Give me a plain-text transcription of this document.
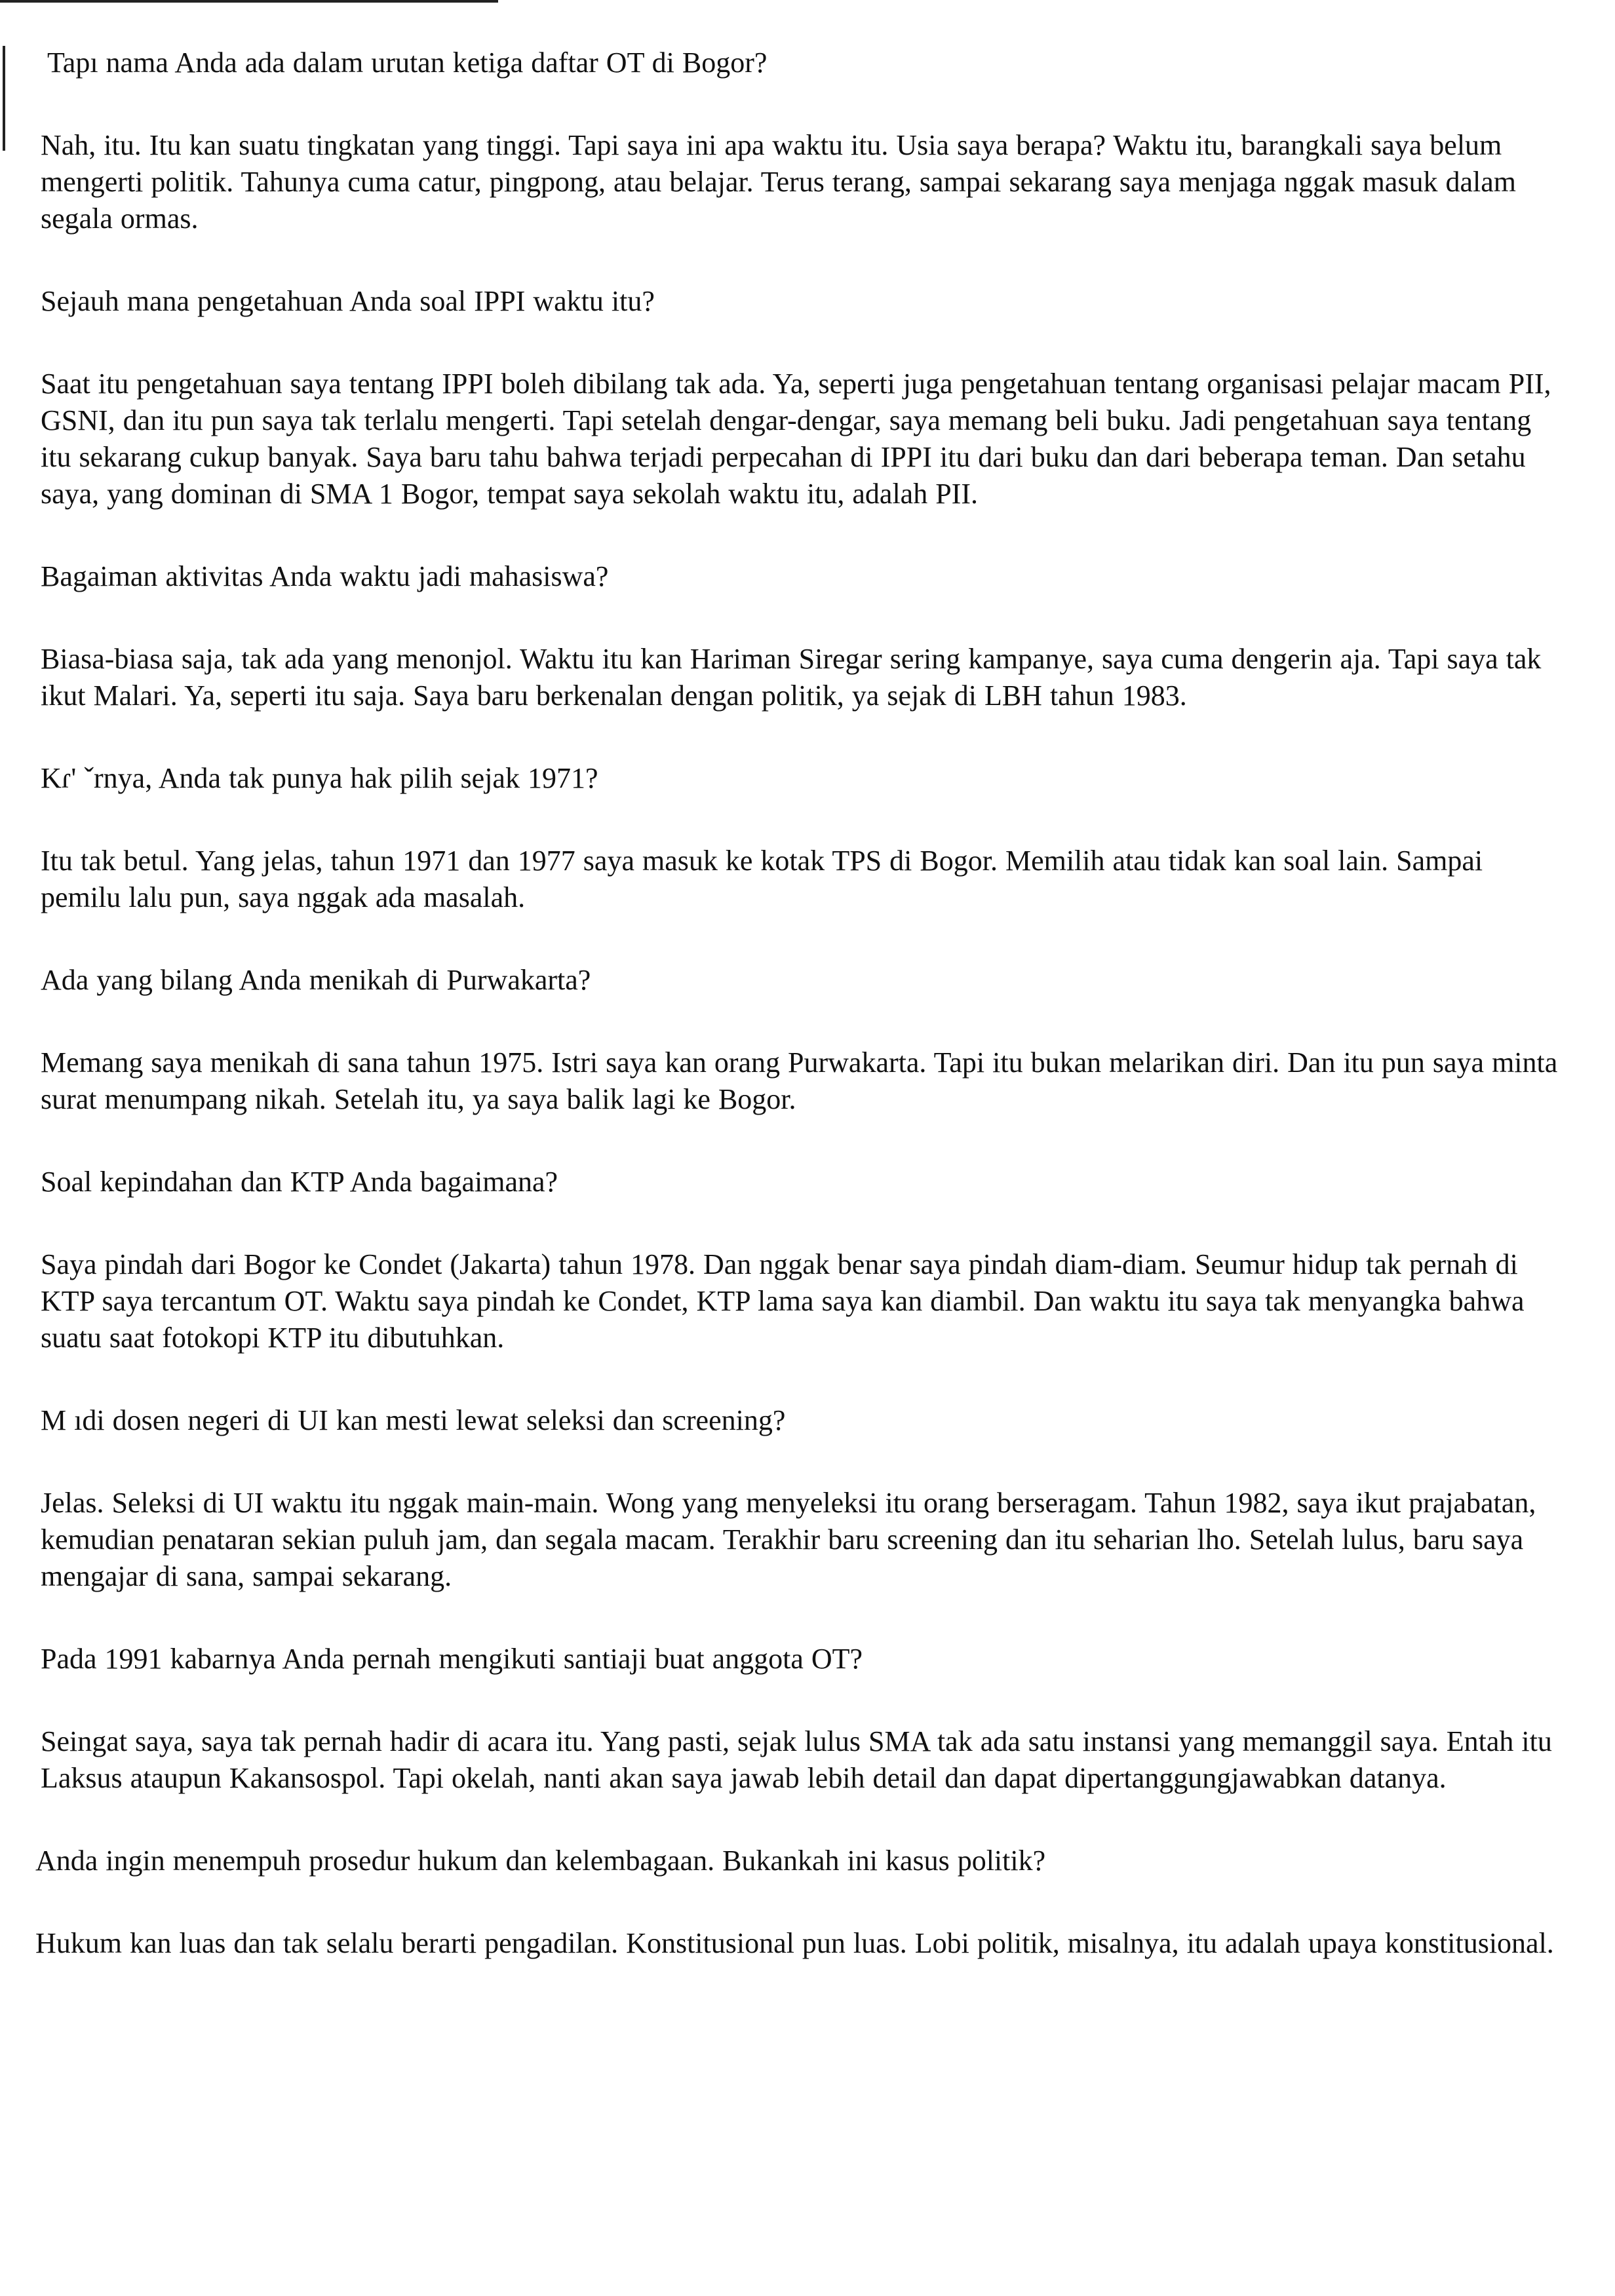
Tapı nama Anda ada dalam urutan ketiga daftar OT di Bogor?

Nah, itu. Itu kan suatu tingkatan yang tinggi. Tapi saya ini apa waktu itu. Usia saya berapa? Waktu itu, barangkali saya belum mengerti politik. Tahunya cuma catur, pingpong, atau belajar. Terus terang, sampai sekarang saya menjaga nggak masuk dalam segala ormas.

Sejauh mana pengetahuan Anda soal IPPI waktu itu?

Saat itu pengetahuan saya tentang IPPI boleh dibilang tak ada. Ya, seperti juga pengetahuan tentang organisasi pelajar macam PII, GSNI, dan itu pun saya tak terlalu mengerti. Tapi setelah dengar-dengar, saya memang beli buku. Jadi pengetahuan saya tentang itu sekarang cukup banyak. Saya baru tahu bahwa terjadi perpecahan di IPPI itu dari buku dan dari beberapa teman. Dan setahu saya, yang dominan di SMA 1 Bogor, tempat saya sekolah waktu itu, adalah PII.

Bagaiman aktivitas Anda waktu jadi mahasiswa?

Biasa-biasa saja, tak ada yang menonjol. Waktu itu kan Hariman Siregar sering kampanye, saya cuma dengerin aja. Tapi saya tak ikut Malari. Ya, seperti itu saja. Saya baru berkenalan dengan politik, ya sejak di LBH tahun 1983.

Kɾ' ˇrnya, Anda tak punya hak pilih sejak 1971?

Itu tak betul. Yang jelas, tahun 1971 dan 1977 saya masuk ke kotak TPS di Bogor. Memilih atau tidak kan soal lain. Sampai pemilu lalu pun, saya nggak ada masalah.

Ada yang bilang Anda menikah di Purwakarta?

Memang saya menikah di sana tahun 1975. Istri saya kan orang Purwakarta. Tapi itu bukan melarikan diri. Dan itu pun saya minta surat menumpang nikah. Setelah itu, ya saya balik lagi ke Bogor.

Soal kepindahan dan KTP Anda bagaimana?

Saya pindah dari Bogor ke Condet (Jakarta) tahun 1978. Dan nggak benar saya pindah diam-diam. Seumur hidup tak pernah di KTP saya tercantum OT. Waktu saya pindah ke Condet, KTP lama saya kan diambil. Dan waktu itu saya tak menyangka bahwa suatu saat fotokopi KTP itu dibutuhkan.

M ıdi dosen negeri di UI kan mesti lewat seleksi dan screening?

Jelas. Seleksi di UI waktu itu nggak main-main. Wong yang menyeleksi itu orang berseragam. Tahun 1982, saya ikut prajabatan, kemudian penataran sekian puluh jam, dan segala macam. Terakhir baru screening dan itu seharian lho. Setelah lulus, baru saya mengajar di sana, sampai sekarang.

Pada 1991 kabarnya Anda pernah mengikuti santiaji buat anggota OT?

Seingat saya, saya tak pernah hadir di acara itu. Yang pasti, sejak lulus SMA tak ada satu instansi yang memanggil saya. Entah itu Laksus ataupun Kakansospol. Tapi okelah, nanti akan saya jawab lebih detail dan dapat dipertanggungjawabkan datanya.

Anda ingin menempuh prosedur hukum dan kelembagaan. Bukankah ini kasus politik?

Hukum kan luas dan tak selalu berarti pengadilan. Konstitusional pun luas. Lobi politik, misalnya, itu adalah upaya konstitusional.
